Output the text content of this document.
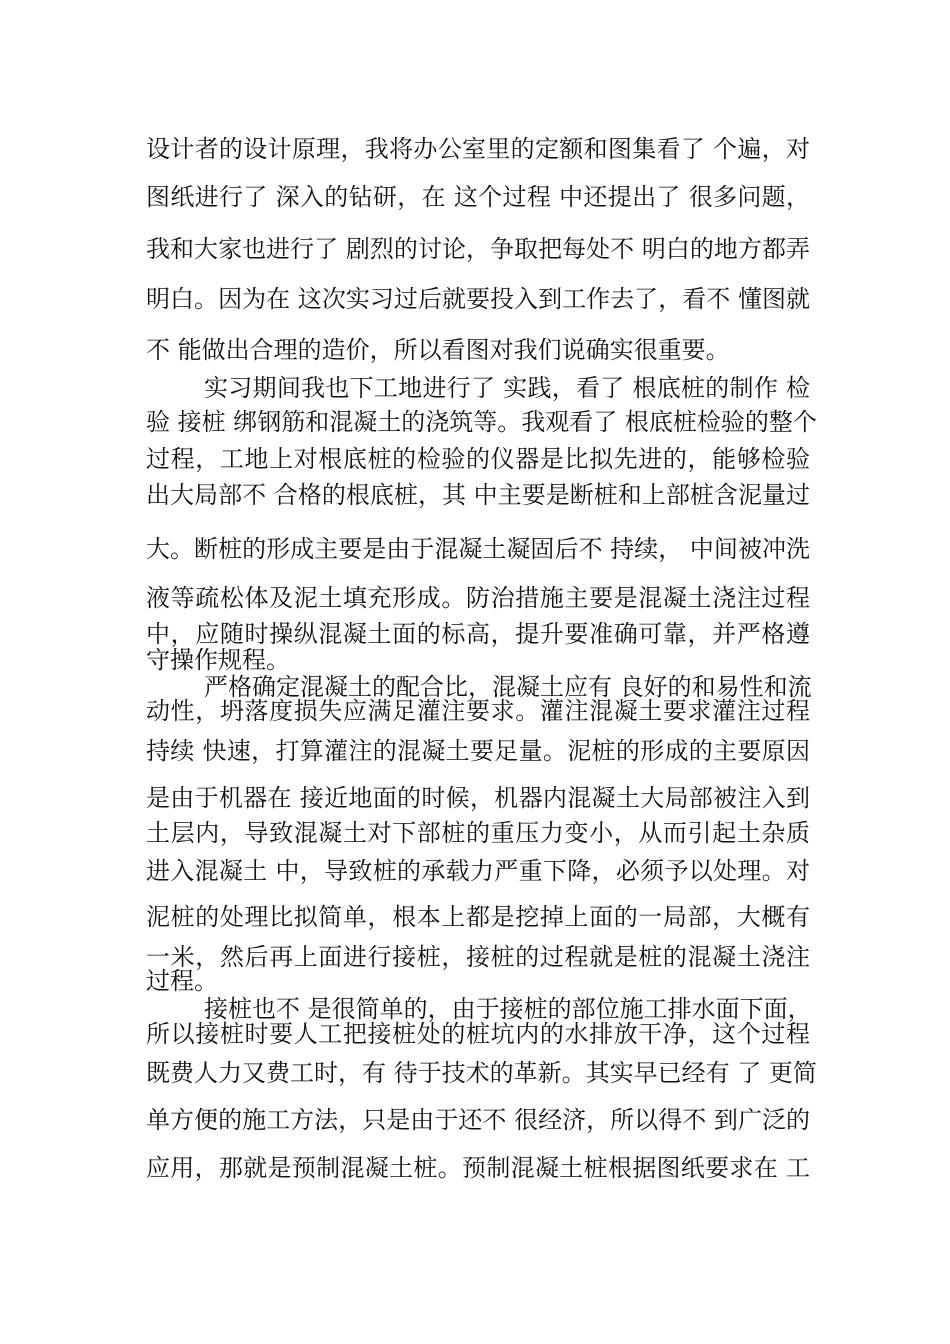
设计者的设计原理，我将办公室里的定额和图集看了 个遍，对
图纸进行了 深入的钻研，在 这个过程 中还提出了 很多问题，
我和大家也进行了 剧烈的讨论，争取把每处不 明白的地方都弄
明白。因为在 这次实习过后就要投入到工作去了，看不 懂图就
不 能做出合理的造价，所以看图对我们说确实很重要。
实习期间我也下工地进行了 实践，看了 根底桩的制作 检
验 接桩 绑钢筋和混凝土的浇筑等。我观看了 根底桩检验的整个
过程，工地上对根底桩的检验的仪器是比拟先进的，能够检验
出大局部不 合格的根底桩，其 中主要是断桩和上部桩含泥量过
大。断桩的形成主要是由于混凝土凝固后不 持续， 中间被冲洗
液等疏松体及泥土填充形成。防治措施主要是混凝土浇注过程
中，应随时操纵混凝土面的标高，提升要准确可靠，并严格遵
守操作规程。
严格确定混凝土的配合比，混凝土应有 良好的和易性和流
动性，坍落度损失应满足灌注要求。灌注混凝土要求灌注过程
持续 快速，打算灌注的混凝土要足量。泥桩的形成的主要原因
是由于机器在 接近地面的时候，机器内混凝土大局部被注入到
土层内，导致混凝土对下部桩的重压力变小，从而引起土杂质
进入混凝土 中，导致桩的承载力严重下降，必须予以处理。对
泥桩的处理比拟简单，根本上都是挖掉上面的一局部，大概有
一米，然后再上面进行接桩，接桩的过程就是桩的混凝土浇注
过程。
接桩也不 是很简单的，由于接桩的部位施工排水面下面，
所以接桩时要人工把接桩处的桩坑内的水排放干净，这个过程
既费人力又费工时，有 待于技术的革新。其实早已经有 了 更简
单方便的施工方法，只是由于还不 很经济，所以得不 到广泛的
应用，那就是预制混凝土桩。预制混凝土桩根据图纸要求在 工
